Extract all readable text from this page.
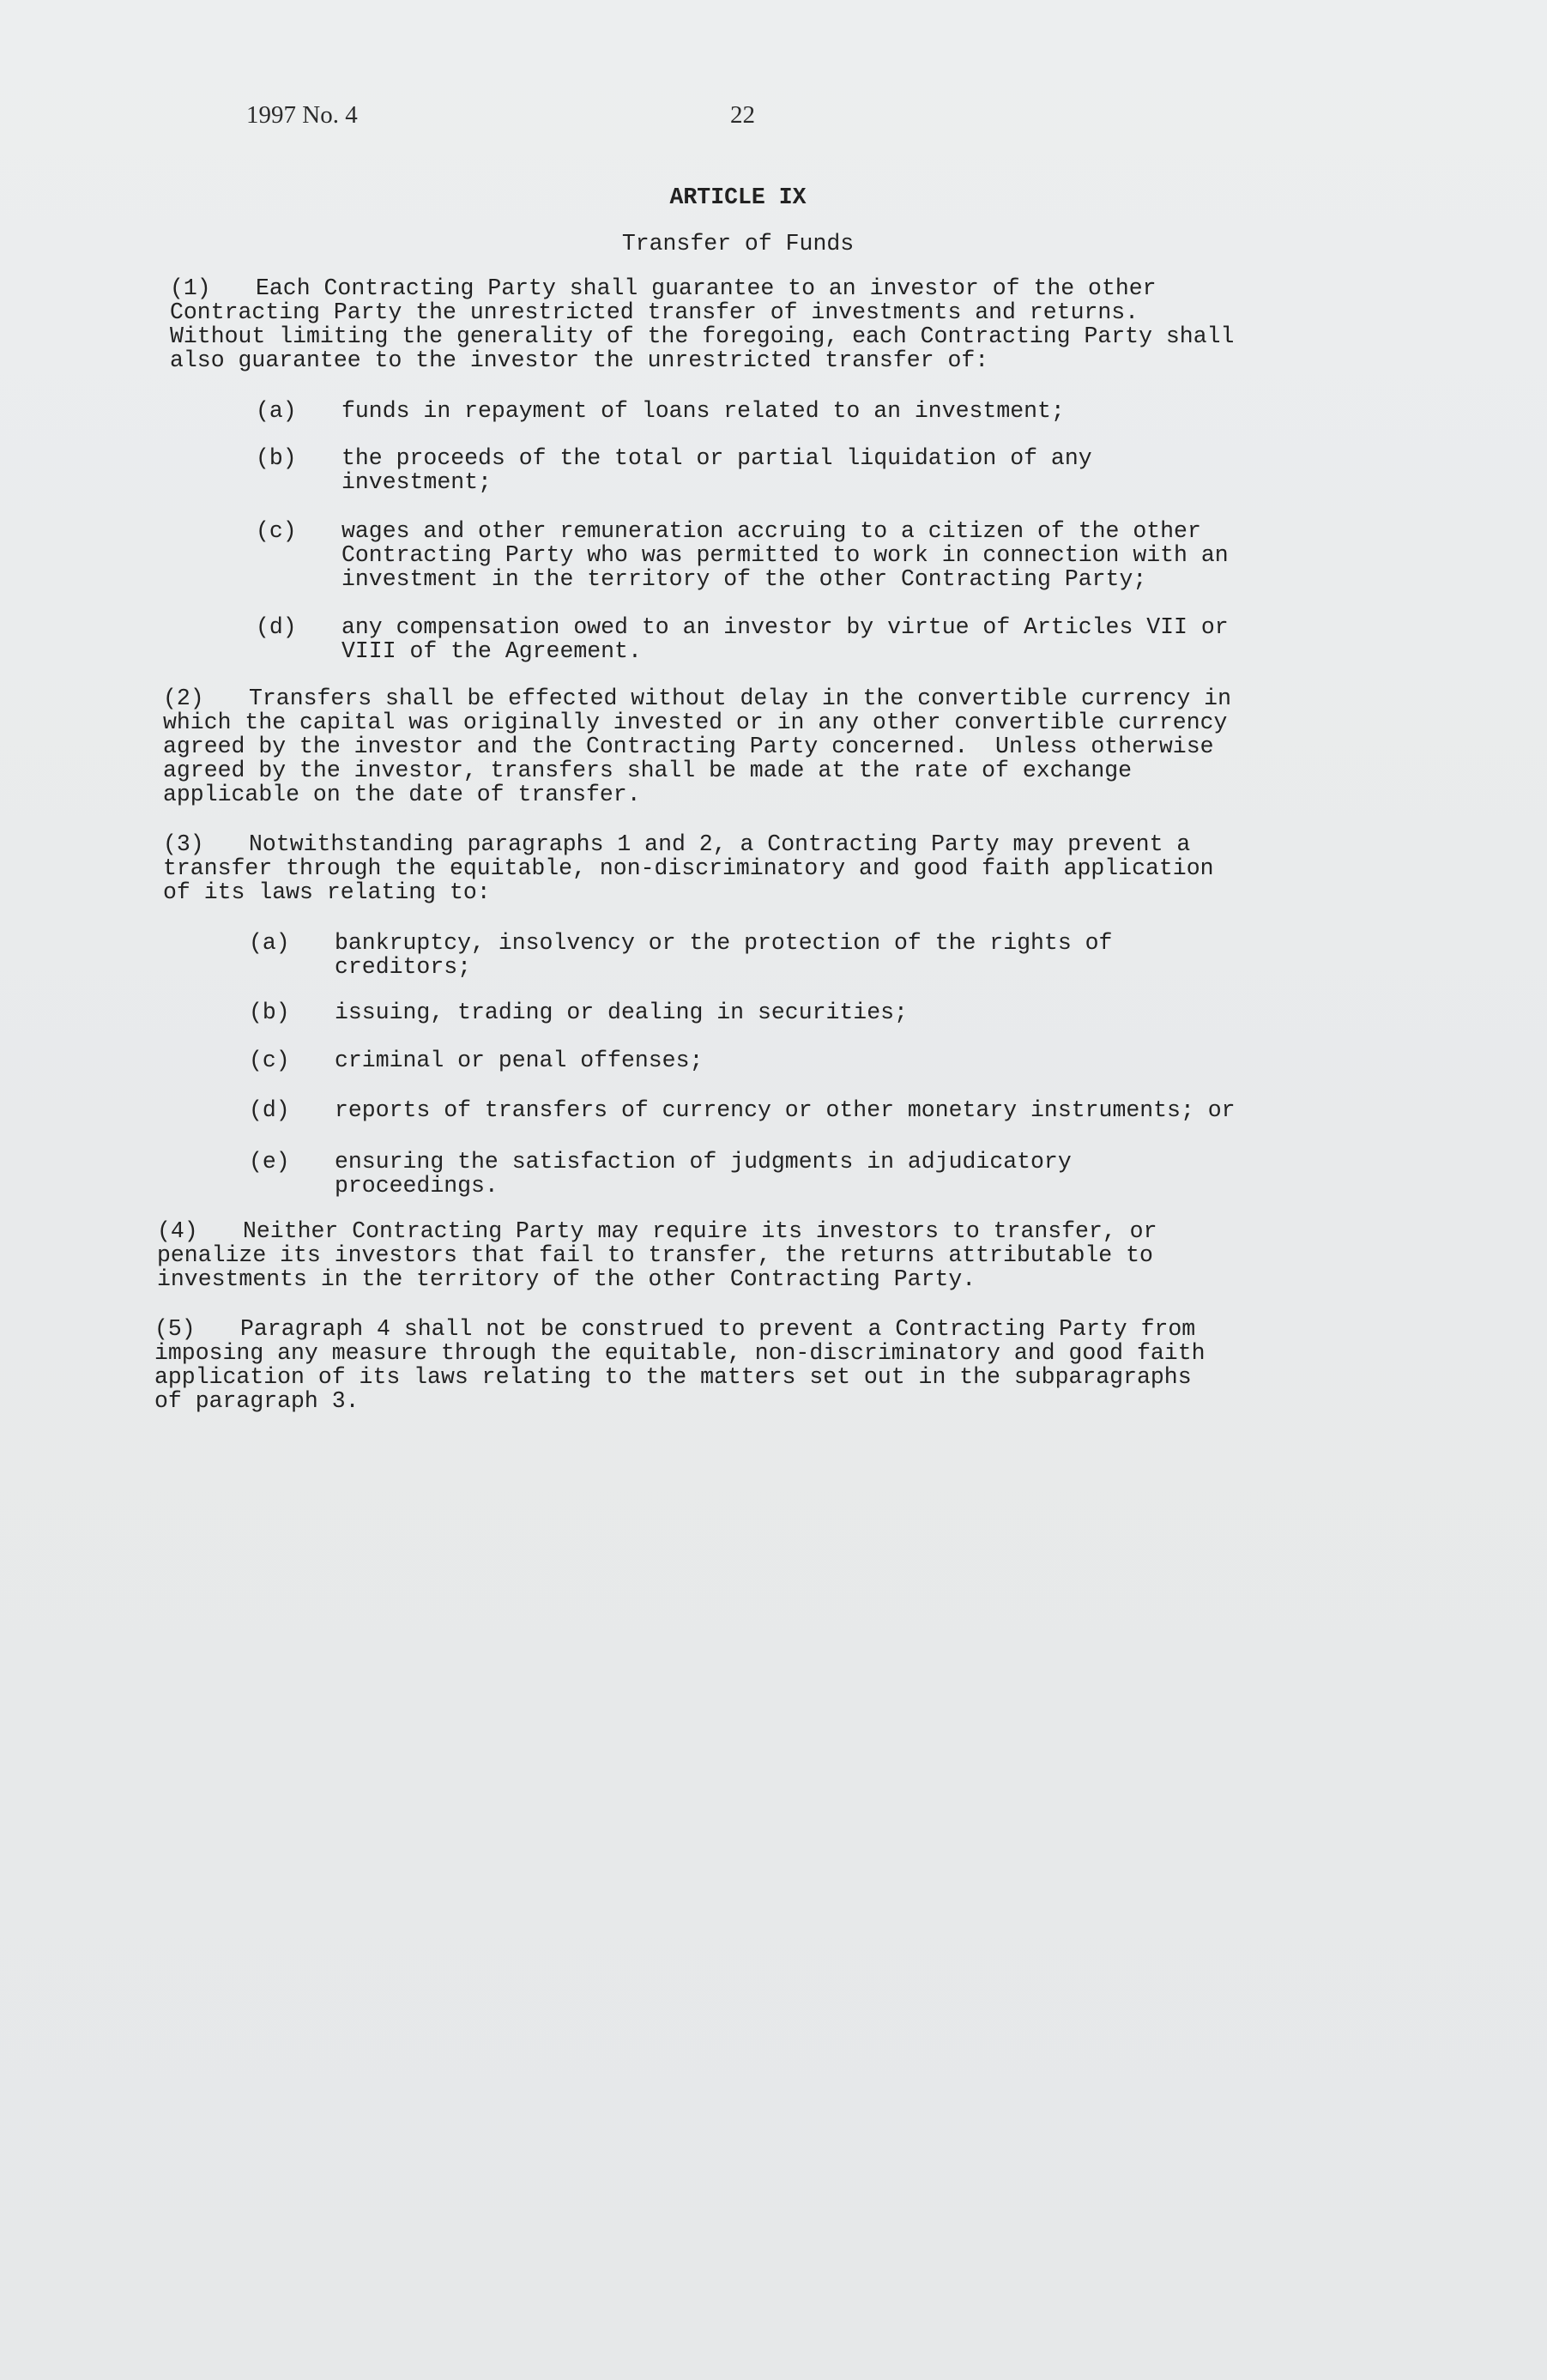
1997 No. 4	22
ARTICLE IX
Transfer of Funds
(1) Each Contracting Party shall guarantee to an investor of the other
Contracting Party the unrestricted transfer of investments and returns.
Without limiting the generality of the foregoing, each Contracting Party shall
also guarantee to the investor the unrestricted transfer of:
(a) funds in repayment of loans related to an investment;
(b) the proceeds of the total or partial liquidation of any
investment;
(c) wages and other remuneration accruing to a citizen of the other
Contracting Party who was permitted to work in connection with an
investment in the territory of the other Contracting Party;
(d) any compensation owed to an investor by virtue of Articles VII or
VIII of the Agreement.
(2) Transfers shall be effected without delay in the convertible currency in
which the capital was originally invested or in any other convertible currency
agreed by the investor and the Contracting Party concerned.  Unless otherwise
agreed by the investor, transfers shall be made at the rate of exchange
applicable on the date of transfer.
(3) Notwithstanding paragraphs 1 and 2, a Contracting Party may prevent a
transfer through the equitable, non-discriminatory and good faith application
of its laws relating to:
(a) bankruptcy, insolvency or the protection of the rights of
creditors;
(b) issuing, trading or dealing in securities;
(c) criminal or penal offenses;
(d) reports of transfers of currency or other monetary instruments; or
(e) ensuring the satisfaction of judgments in adjudicatory
proceedings.
(4) Neither Contracting Party may require its investors to transfer, or
penalize its investors that fail to transfer, the returns attributable to
investments in the territory of the other Contracting Party.
(5) Paragraph 4 shall not be construed to prevent a Contracting Party from
imposing any measure through the equitable, non-discriminatory and good faith
application of its laws relating to the matters set out in the subparagraphs
of paragraph 3.
